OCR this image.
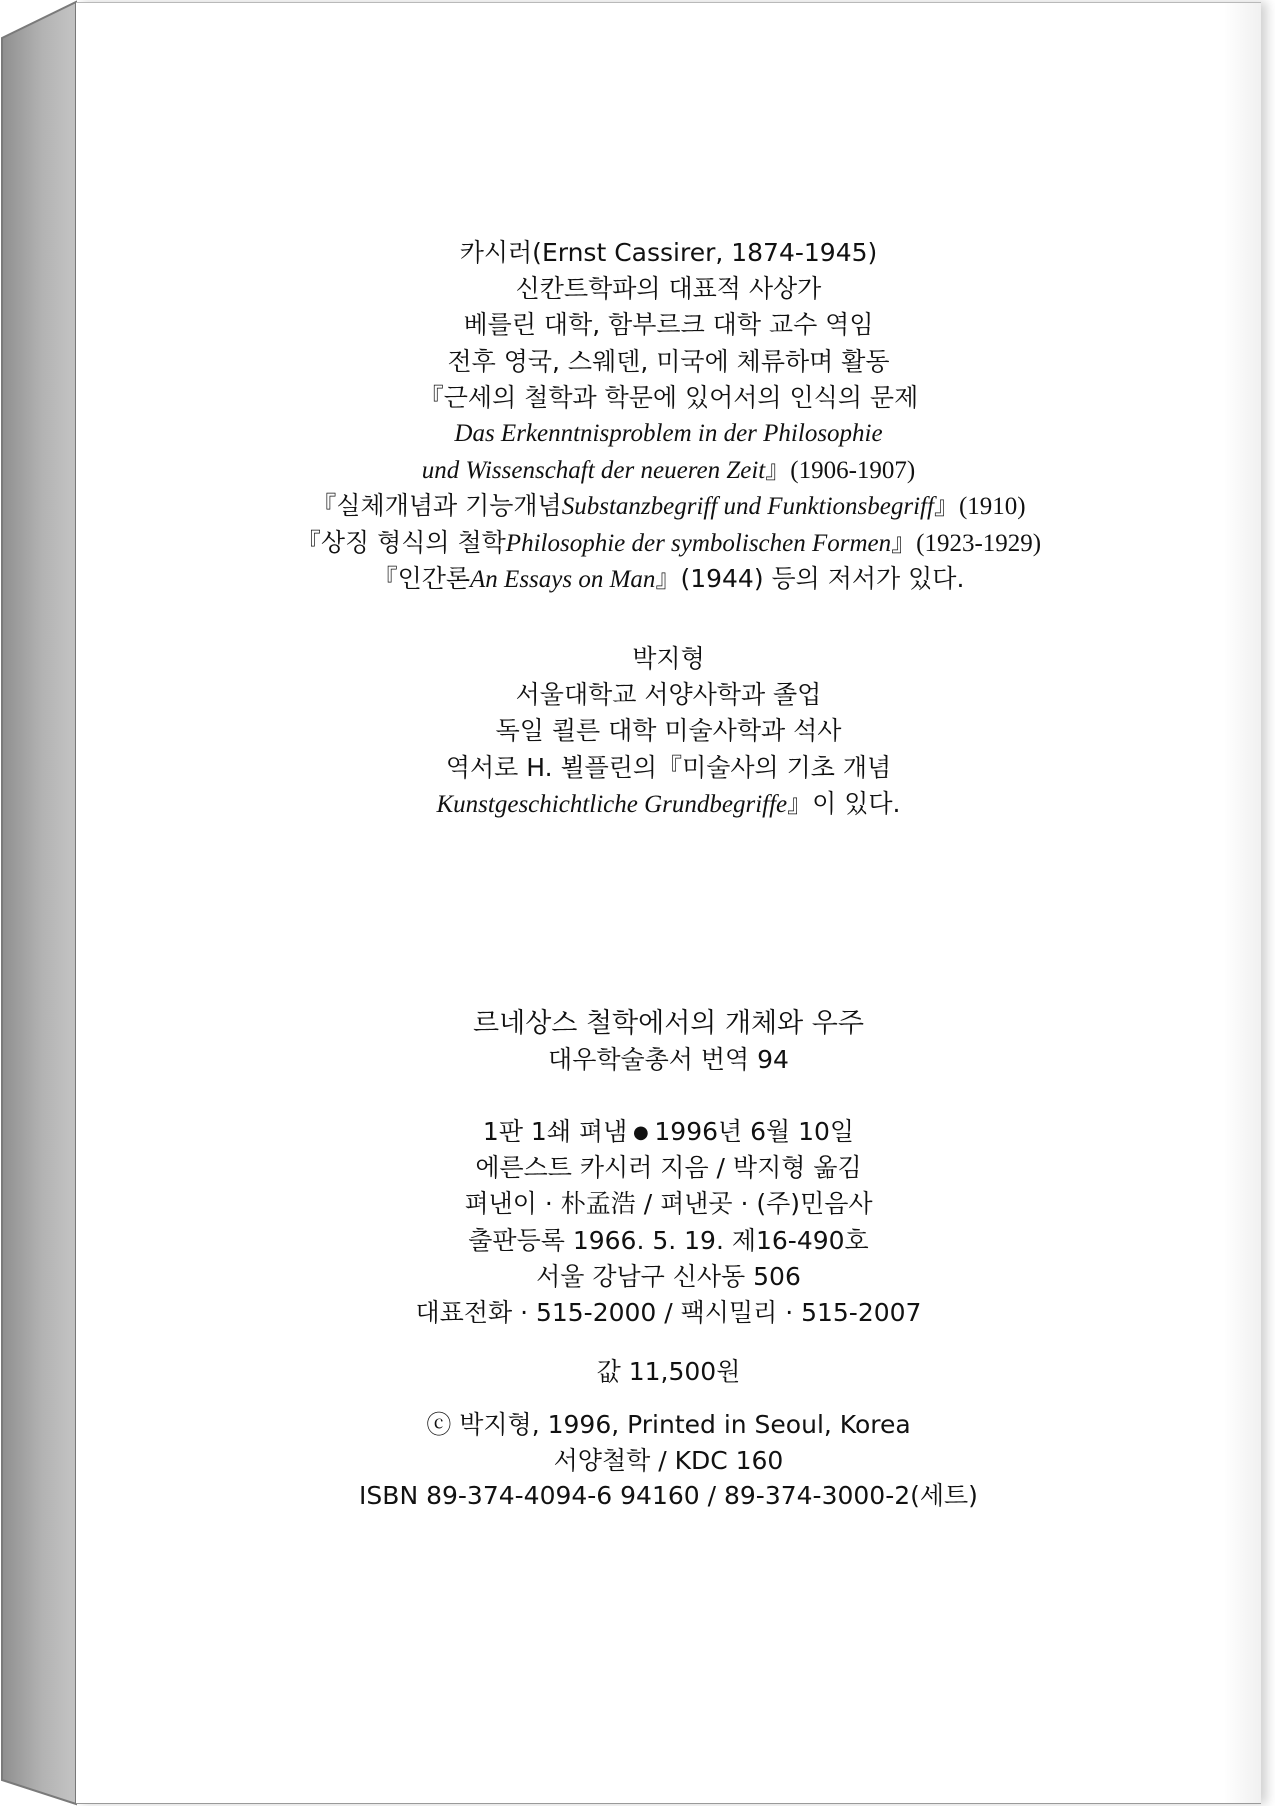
카시러(Ernst Cassirer, 1874-1945)
신칸트학파의 대표적 사상가
베를린 대학, 함부르크 대학 교수 역임
전후 영국, 스웨덴, 미국에 체류하며 활동
『근세의 철학과 학문에 있어서의 인식의 문제
Das Erkenntnisproblem in der Philosophie
und Wissenschaft der neueren Zeit』(1906-1907)
『실체개념과 기능개념Substanzbegriff und Funktionsbegriff』(1910)
『상징 형식의 철학Philosophie der symbolischen Formen』(1923-1929)
『인간론An Essays on Man』(1944) 등의 저서가 있다.
박지형
서울대학교 서양사학과 졸업
독일 쾰른 대학 미술사학과 석사
역서로 H. 뵐플린의『미술사의 기초 개념
Kunstgeschichtliche Grundbegriffe』이 있다.
르네상스 철학에서의 개체와 우주
대우학술총서 번역 94
1판 1쇄 펴냄 ● 1996년 6월 10일
에른스트 카시러 지음 / 박지형 옮김
펴낸이 · 朴孟浩 / 펴낸곳 · (주)민음사
출판등록 1966. 5. 19. 제16-490호
서울 강남구 신사동 506
대표전화 · 515-2000 / 팩시밀리 · 515-2007
값 11,500원
ⓒ 박지형, 1996, Printed in Seoul, Korea
서양철학 / KDC 160
ISBN 89-374-4094-6 94160 / 89-374-3000-2(세트)
